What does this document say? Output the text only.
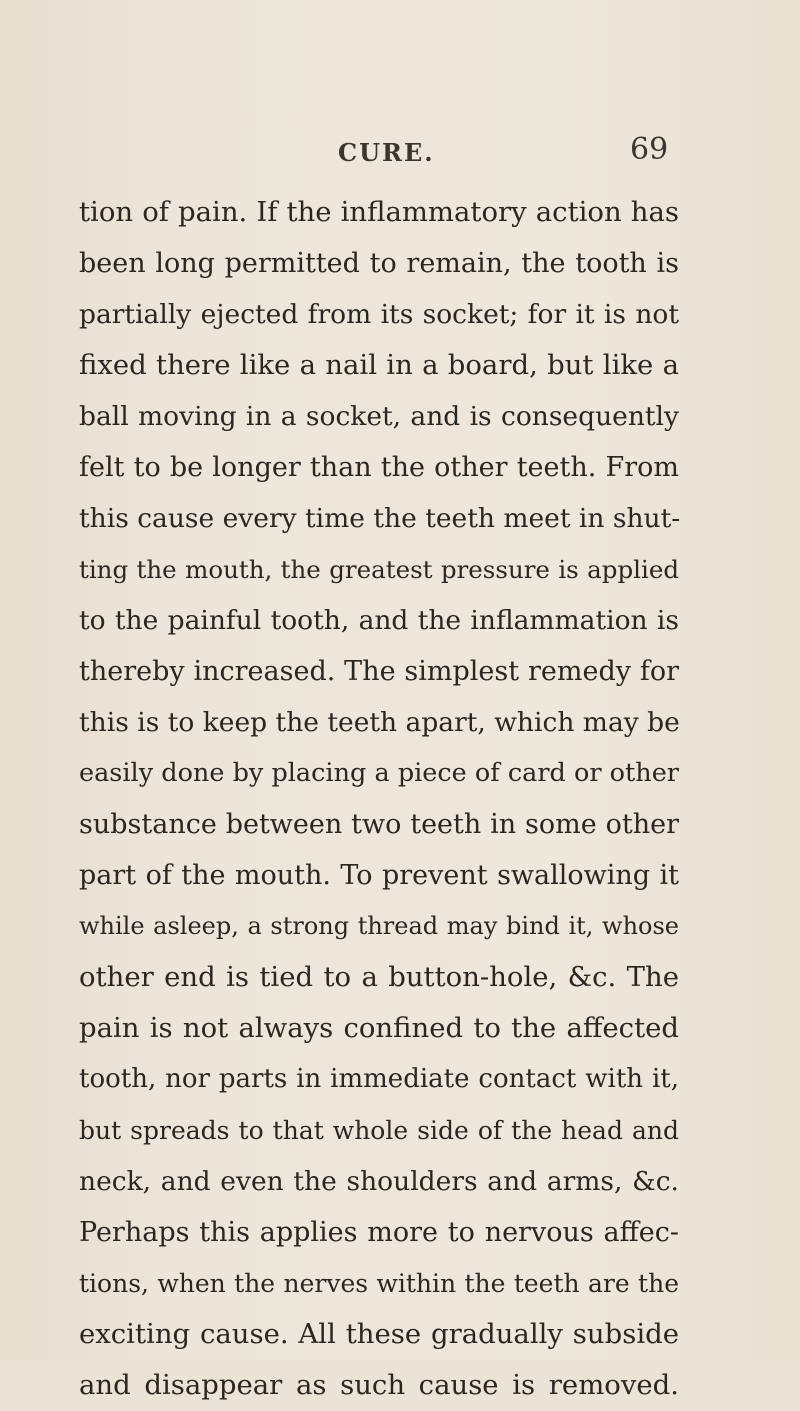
CURE.	69
tion of pain. If the inflammatory action has
been long permitted to remain, the tooth is
partially ejected from its socket; for it is not
fixed there like a nail in a board, but like a
ball moving in a socket, and is consequently
felt to be longer than the other teeth. From
this cause every time the teeth meet in shut-
ting the mouth, the greatest pressure is applied
to the painful tooth, and the inflammation is
thereby increased. The simplest remedy for
this is to keep the teeth apart, which may be
easily done by placing a piece of card or other
substance between two teeth in some other
part of the mouth. To prevent swallowing it
while asleep, a strong thread may bind it, whose
other end is tied to a button-hole, &c. The
pain is not always confined to the affected
tooth, nor parts in immediate contact with it,
but spreads to that whole side of the head and
neck, and even the shoulders and arms, &c.
Perhaps this applies more to nervous affec-
tions, when the nerves within the teeth are the
exciting cause. All these gradually subside
and disappear as such cause is removed.
